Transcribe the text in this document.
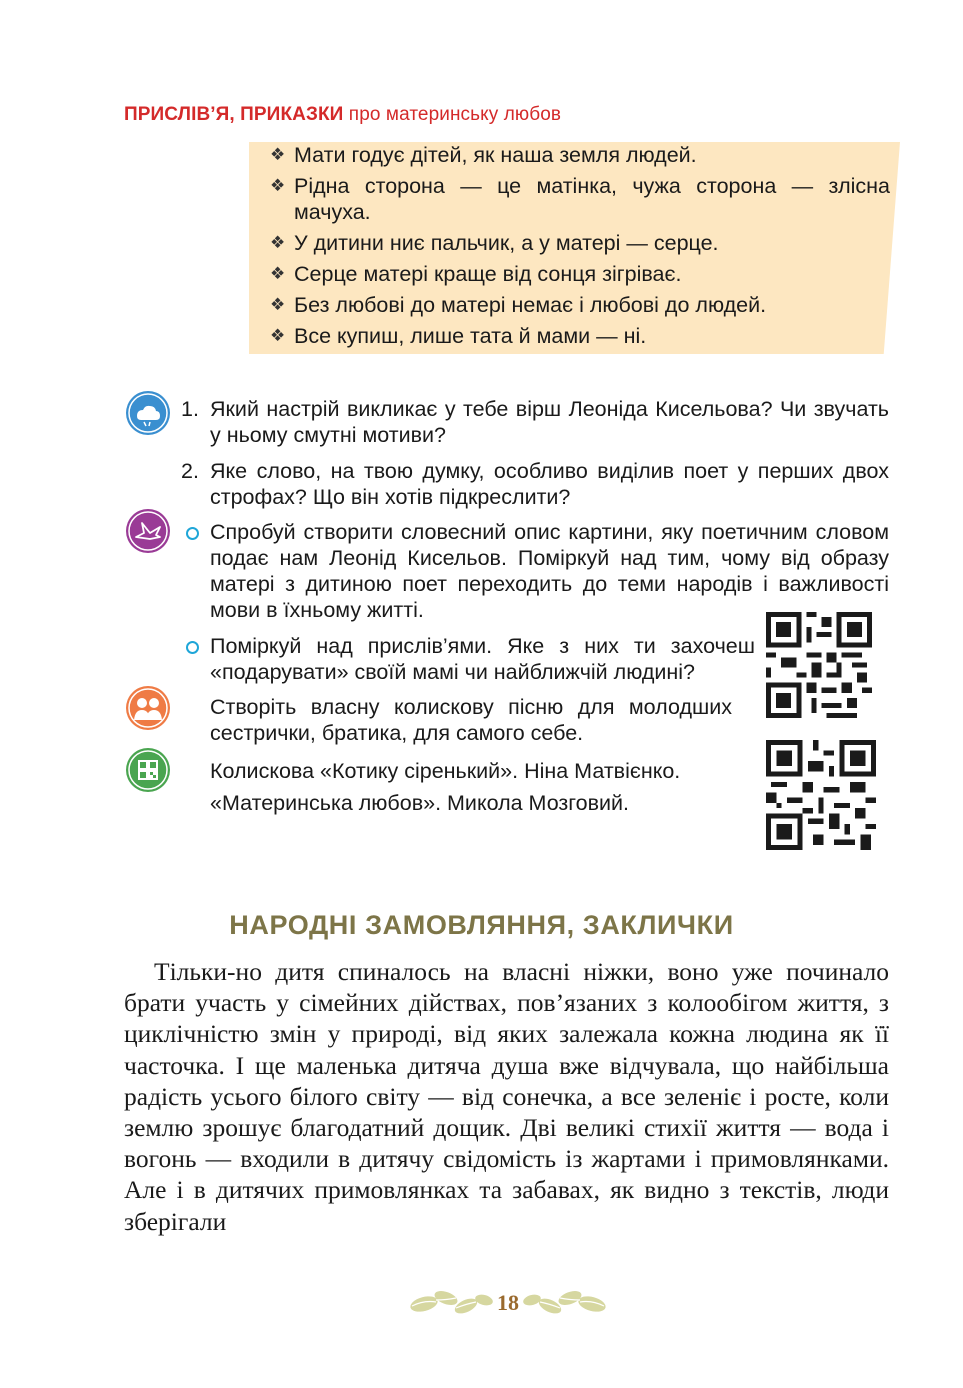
ПРИСЛІВ’Я, ПРИКАЗКИ про материнську любов
❖ Мати годує дітей, як наша земля людей.
❖ Рідна сторона — це матінка, чужа сторона — злісна мачуха.
❖ У дитини ниє пальчик, а у матері — серце.
❖ Серце матері краще від сонця зігріває.
❖ Без любові до матері немає і любові до людей.
❖ Все купиш, лише тата й мами — ні.
1. Який настрій викликає у тебе вірш Леоніда Кисельова? Чи звучать у ньому смутні мотиви?
2. Яке слово, на твою думку, особливо виділив поет у перших двох строфах? Що він хотів підкреслити?
Спробуй створити словесний опис картини, яку поетичним словом подає нам Леонід Кисельов. Поміркуй над тим, чому від образу матері з дитиною поет переходить до теми народів і важливості мови в їхньому житті.
Поміркуй над прислів’ями. Яке з них ти захочеш «подарувати» своїй мамі чи найближчій людині?
Створіть власну колискову пісню для молодших сестрички, братика, для самого себе.
Колискова «Котику сіренький». Ніна Матвієнко.
«Материнська любов». Микола Мозговий.
НАРОДНІ ЗАМОВЛЯННЯ, ЗАКЛИЧКИ
Тільки-но дитя спиналось на власні ніжки, воно уже починало брати участь у сімейних дійствах, пов’язаних з колообігом життя, з циклічністю змін у природі, від яких залежала кожна людина як її часточка. І ще маленька дитяча душа вже відчувала, що найбільша радість усього білого світу — від сонечка, а все зеленіє і росте, коли землю зрошує благодатний дощик. Дві великі стихії життя — вода і вогонь — входили в дитячу свідомість із жартами і примовлянками. Але і в дитячих примовлянках та забавах, як видно з текстів, люди зберігали
18
